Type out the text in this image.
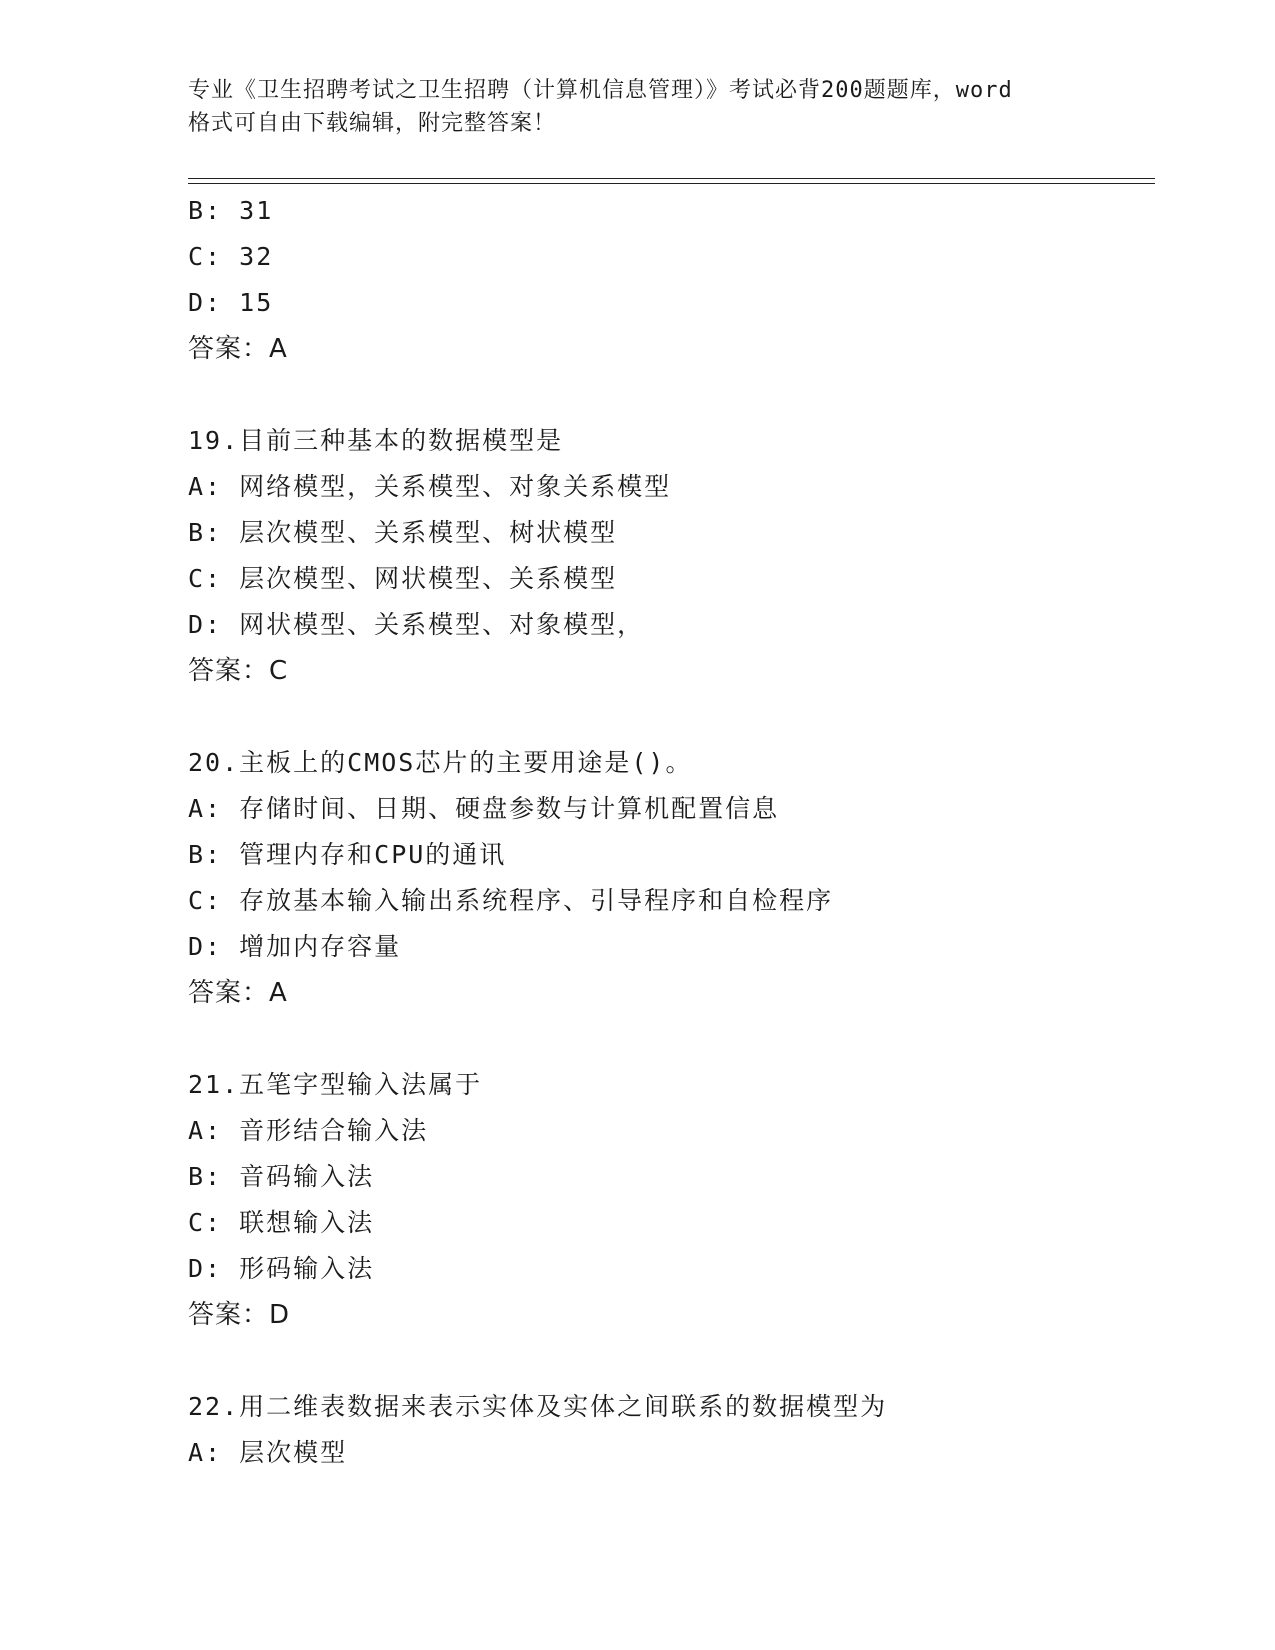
专业《卫生招聘考试之卫生招聘（计算机信息管理）》考试必背200题题库，word
格式可自由下载编辑，附完整答案！
B: 31
C: 32
D: 15
答案：A
19.目前三种基本的数据模型是
A: 网络模型，关系模型、对象关系模型
B: 层次模型、关系模型、树状模型
C: 层次模型、网状模型、关系模型
D: 网状模型、关系模型、对象模型，
答案：C
20.主板上的CMOS芯片的主要用途是()。
A: 存储时间、日期、硬盘参数与计算机配置信息
B: 管理内存和CPU的通讯
C: 存放基本输入输出系统程序、引导程序和自检程序
D: 增加内存容量
答案：A
21.五笔字型输入法属于
A: 音形结合输入法
B: 音码输入法
C: 联想输入法
D: 形码输入法
答案：D
22.用二维表数据来表示实体及实体之间联系的数据模型为
A: 层次模型
